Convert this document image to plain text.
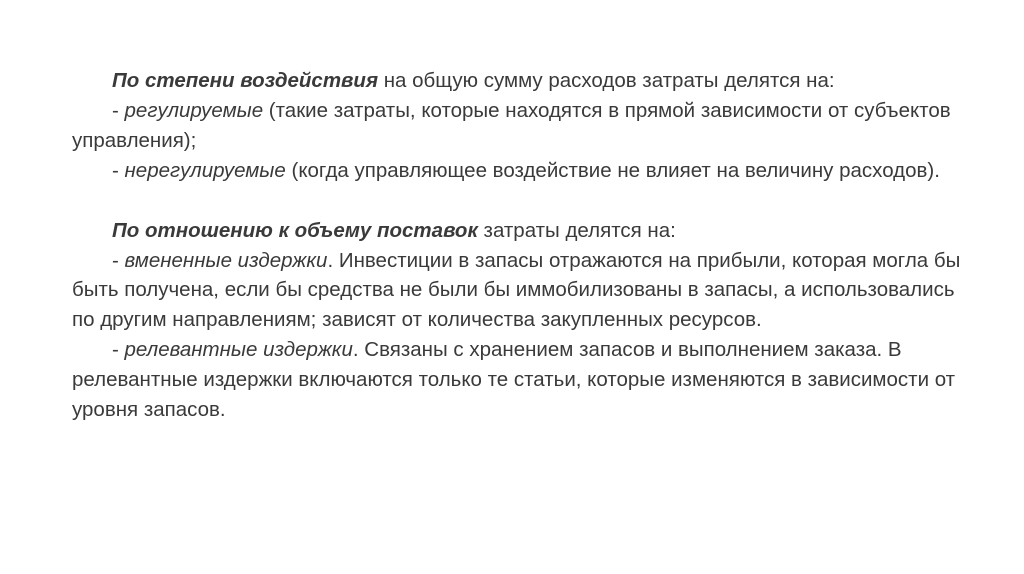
По степени воздействия на общую сумму расходов затраты делятся на:

- регулируемые (такие затраты, которые находятся в прямой зависимости от субъектов управления);

- нерегулируемые (когда управляющее воздействие не влияет на величину расходов).

По отношению к объему поставок затраты делятся на:

- вмененные издержки. Инвестиции в запасы отражаются на прибыли, которая могла бы быть получена, если бы средства не были бы иммобилизованы в запасы, а использовались по другим направлениям; зависят от количества закупленных ресурсов.

- релевантные издержки. Связаны с хранением запасов и выполнением заказа. В релевантные издержки включаются только те статьи, которые изменяются в зависимости от уровня запасов.
